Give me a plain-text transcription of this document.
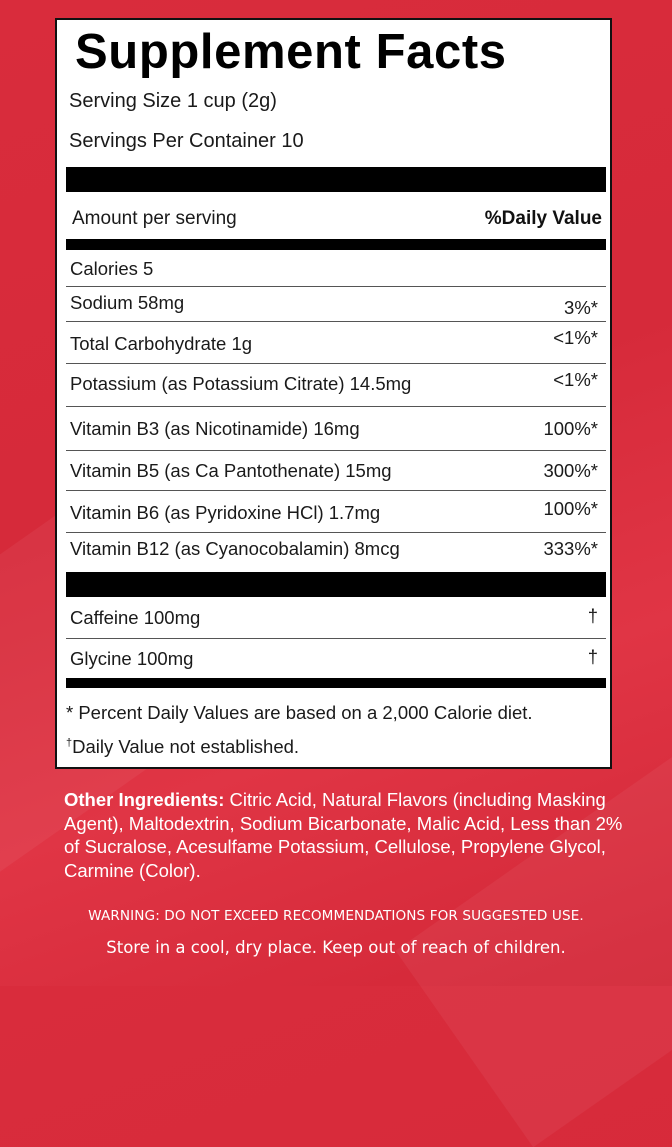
Supplement Facts
Serving Size 1 cup (2g)
Servings Per Container 10
Amount per serving	%Daily Value
Calories 5
Sodium 58mg	3%*
Total Carbohydrate 1g	<1%*
Potassium (as Potassium Citrate) 14.5mg	<1%*
Vitamin B3 (as Nicotinamide) 16mg	100%*
Vitamin B5 (as Ca Pantothenate) 15mg	300%*
Vitamin B6 (as Pyridoxine HCl) 1.7mg	100%*
Vitamin B12 (as Cyanocobalamin) 8mcg	333%*
Caffeine 100mg	†
Glycine 100mg	†
* Percent Daily Values are based on a 2,000 Calorie diet.
†Daily Value not established.
Other Ingredients: Citric Acid, Natural Flavors (including Masking Agent), Maltodextrin, Sodium Bicarbonate, Malic Acid, Less than 2% of Sucralose, Acesulfame Potassium, Cellulose, Propylene Glycol, Carmine (Color).
WARNING: DO NOT EXCEED RECOMMENDATIONS FOR SUGGESTED USE.
Store in a cool, dry place. Keep out of reach of children.
